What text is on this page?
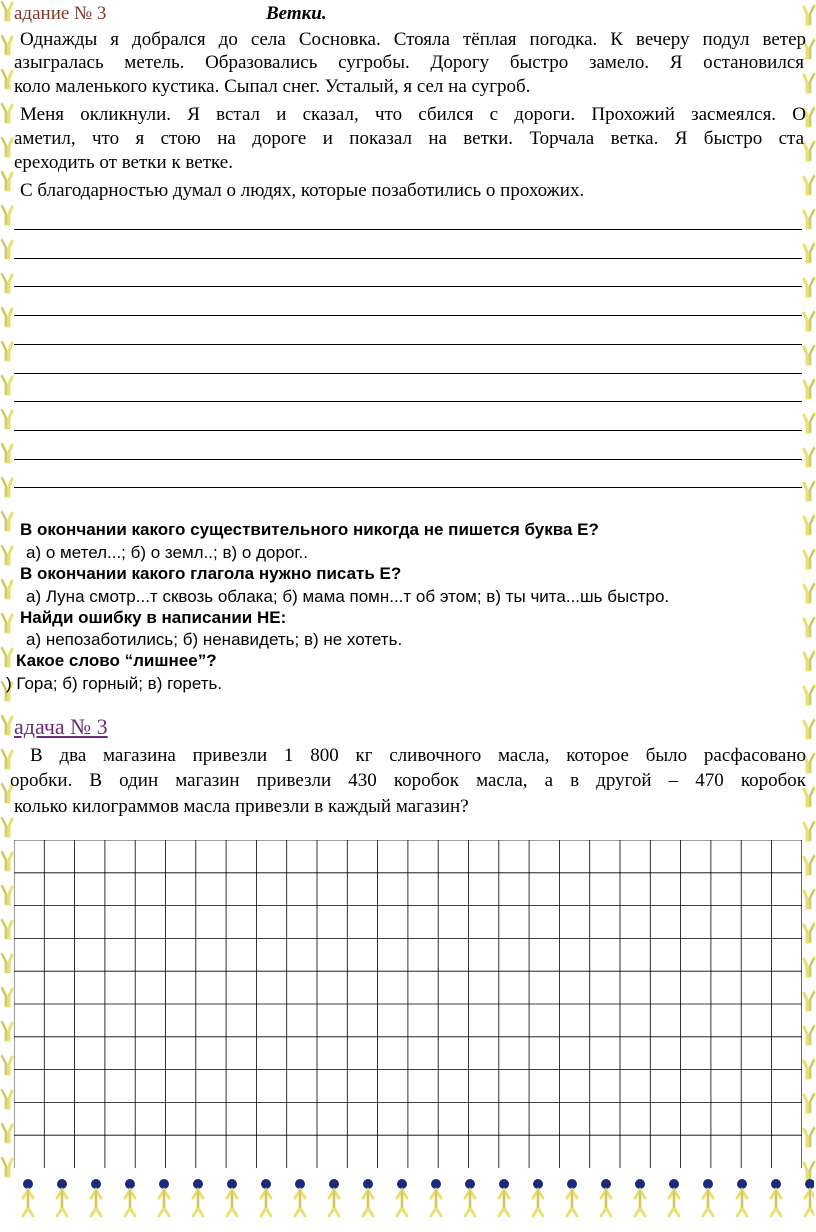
адание № 3	Ветки.
Однажды я добрался до села Сосновка. Стояла тёплая погодка. К вечеру подул ветер
азыгралась метель. Образовались сугробы. Дорогу быстро замело. Я остановился
коло маленького кустика. Сыпал снег. Усталый, я сел на сугроб.
Меня окликнули. Я встал и сказал, что сбился с дороги. Прохожий засмеялся. О
аметил, что я стою на дороге и показал на ветки. Торчала ветка. Я быстро ста
ереходить от ветки к ветке.
С благодарностью думал о людях, которые позаботились о прохожих.
В окончании какого существительного никогда не пишется буква Е?
а) о метел...; б) о земл..; в) о дорог..
В окончании какого глагола нужно писать Е?
а) Луна смотр...т сквозь облака; б) мама помн...т об этом; в) ты чита...шь быстро.
Найди ошибку в написании НЕ:
а) непозаботились; б) ненавидеть; в) не хотеть.
Какое слово “лишнее”?
) Гора; б) горный; в) гореть.
адача № 3
В два магазина привезли 1 800 кг сливочного масла, которое было расфасовано
оробки. В один магазин привезли 430 коробок масла, а в другой – 470 коробок
колько килограммов масла привезли в каждый магазин?
